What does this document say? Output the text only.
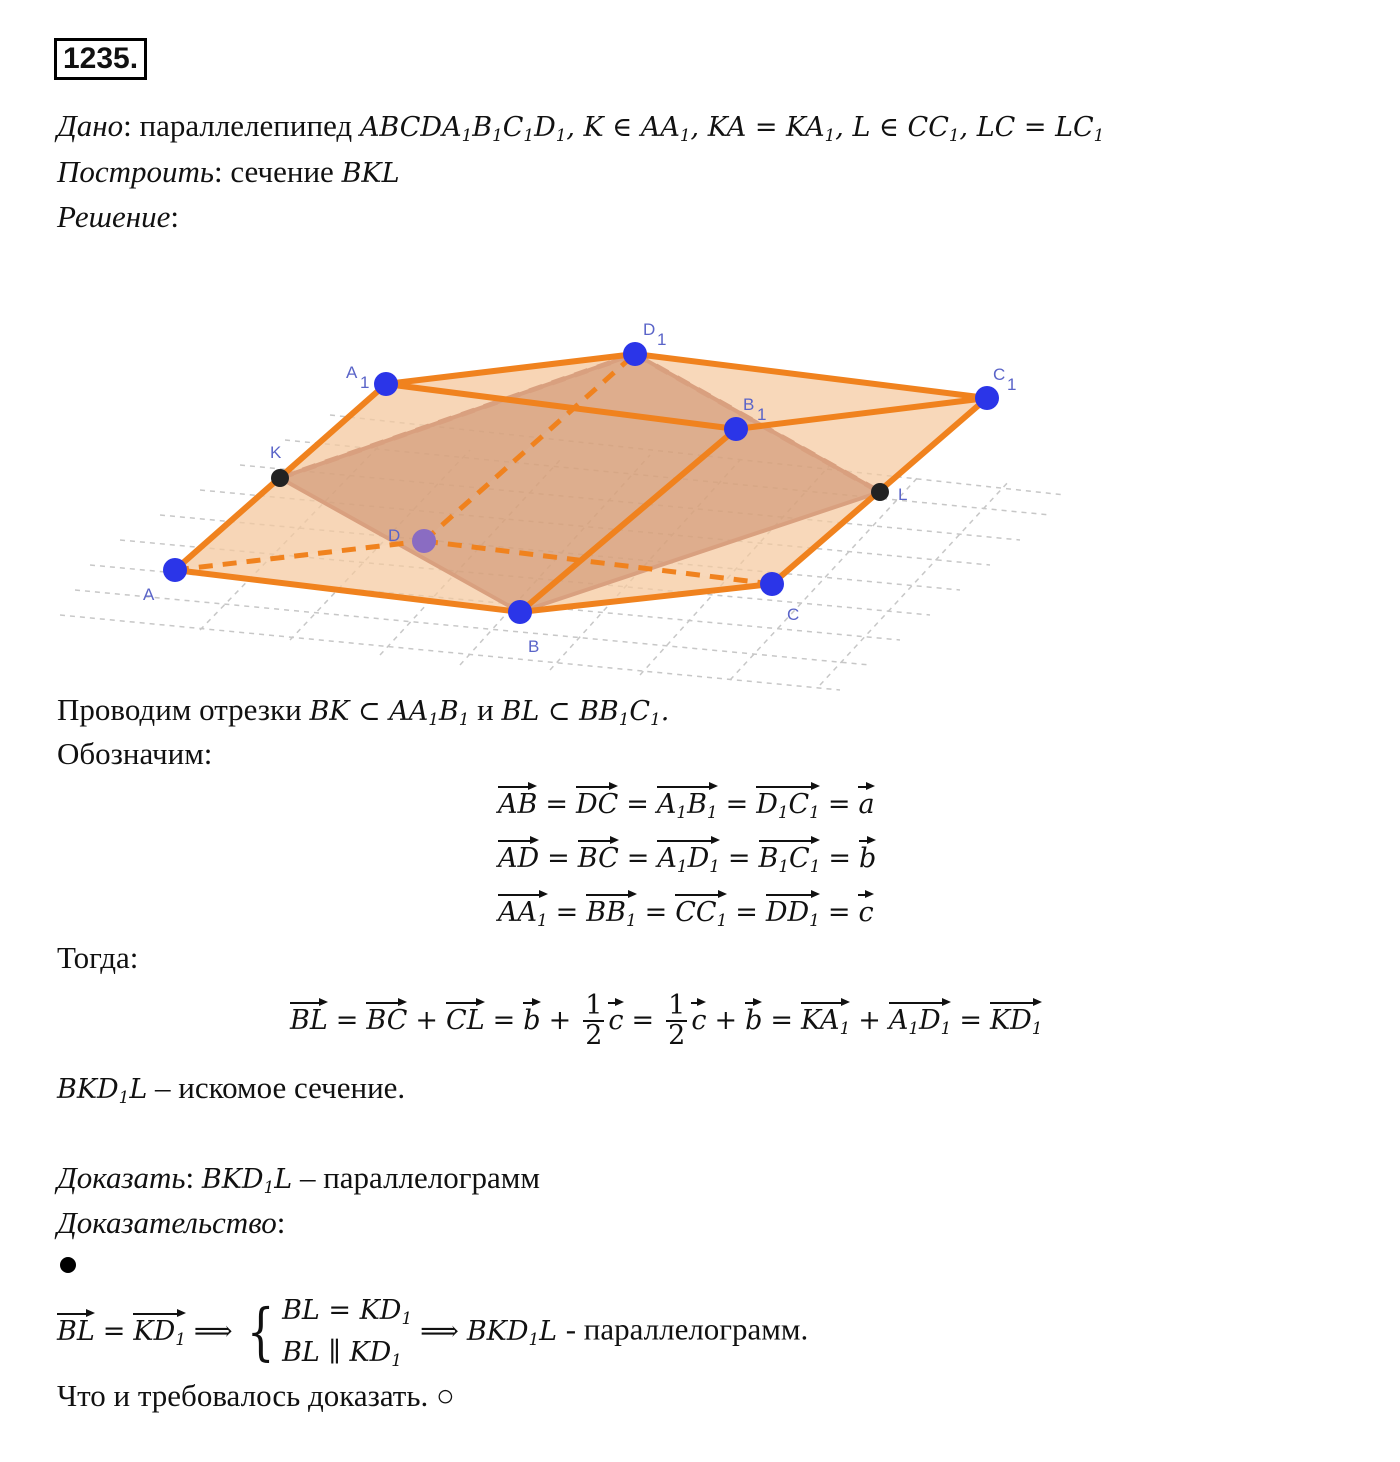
1235.
Дано: параллелепипед $ABCDA_1B_1C_1D_1$, K ∈ $AA_1$, KA = $KA_1$, L ∈ $CC_1$, LC = $LC_1$
Построить: сечение BKL
Решение:
A
B
C
D
A
1
B
1
C
1
D
1
K
L
Проводим отрезки BK ⊂ $AA_1B_1$ и BL ⊂ $BB_1C_1$.
Обозначим:
AB = DC = $A_1B_1 = D_1C_1 = a$
AD = BC = $A_1D_1 = B_1C_1 = b$
$AA_1 = BB_1 = CC_1 = DD_1 = c$
Тогда:
BL = BC + CL = $b + \frac{1}{2}$ $c = \frac{1}{2}$ $c + b = KA_1 + A_1D_1 = KD_1$
$BKD_1L$ – искомое сечение.
Доказать: $BKD_1L$ – параллелограмм
Доказательство:
BL = $KD_1$ ⟹ { BL = $KD_1$
BL ∥ $KD_1$
⟹ $BKD_1L$ - параллелограмм.
Что и требовалось доказать. ○
